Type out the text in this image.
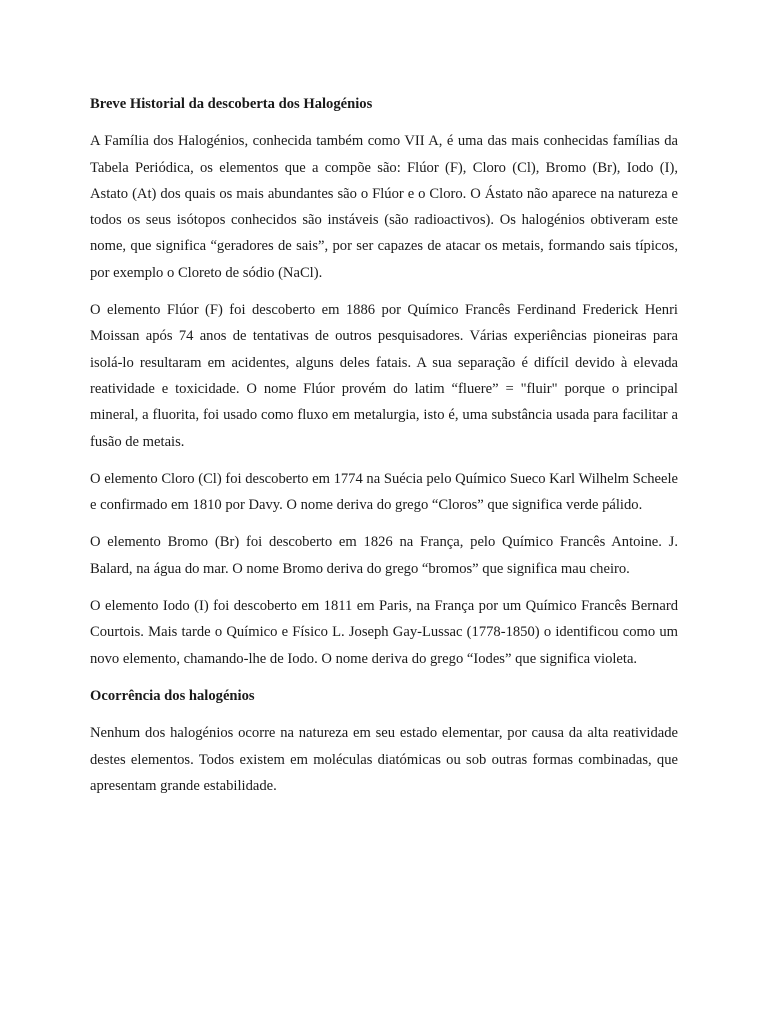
Breve Historial da descoberta dos Halogénios

A Família dos Halogénios, conhecida também como VII A, é uma das mais conhecidas famílias da Tabela Periódica, os elementos que a compõe são: Flúor (F), Cloro (Cl), Bromo (Br), Iodo (I), Astato (At) dos quais os mais abundantes são o Flúor e o Cloro. O Ástato não aparece na natureza e todos os seus isótopos conhecidos são instáveis (são radioactivos). Os halogénios obtiveram este nome, que significa “geradores de sais”, por ser capazes de atacar os metais, formando sais típicos, por exemplo o Cloreto de sódio (NaCl).

O elemento Flúor (F) foi descoberto em 1886 por Químico Francês Ferdinand Frederick Henri Moissan após 74 anos de tentativas de outros pesquisadores. Várias experiências pioneiras para isolá-lo resultaram em acidentes, alguns deles fatais. A sua separação é difícil devido à elevada reatividade e toxicidade. O nome Flúor provém do latim “fluere” = "fluir" porque o principal mineral, a fluorita, foi usado como fluxo em metalurgia, isto é, uma substância usada para facilitar a fusão de metais.

O elemento Cloro (Cl) foi descoberto em 1774 na Suécia pelo Químico Sueco Karl Wilhelm Scheele e confirmado em 1810 por Davy. O nome deriva do grego “Cloros” que significa verde pálido.

O elemento Bromo (Br) foi descoberto em 1826 na França, pelo Químico Francês Antoine. J. Balard, na água do mar. O nome Bromo deriva do grego “bromos” que significa mau cheiro.

O elemento Iodo (I) foi descoberto em 1811 em Paris, na França por um Químico Francês Bernard Courtois. Mais tarde o Químico e Físico L. Joseph Gay-Lussac (1778-1850) o identificou como um novo elemento, chamando-lhe de Iodo. O nome deriva do grego “Iodes” que significa violeta.

Ocorrência dos halogénios

Nenhum dos halogénios ocorre na natureza em seu estado elementar, por causa da alta reatividade destes elementos. Todos existem em moléculas diatómicas ou sob outras formas combinadas, que apresentam grande estabilidade.
